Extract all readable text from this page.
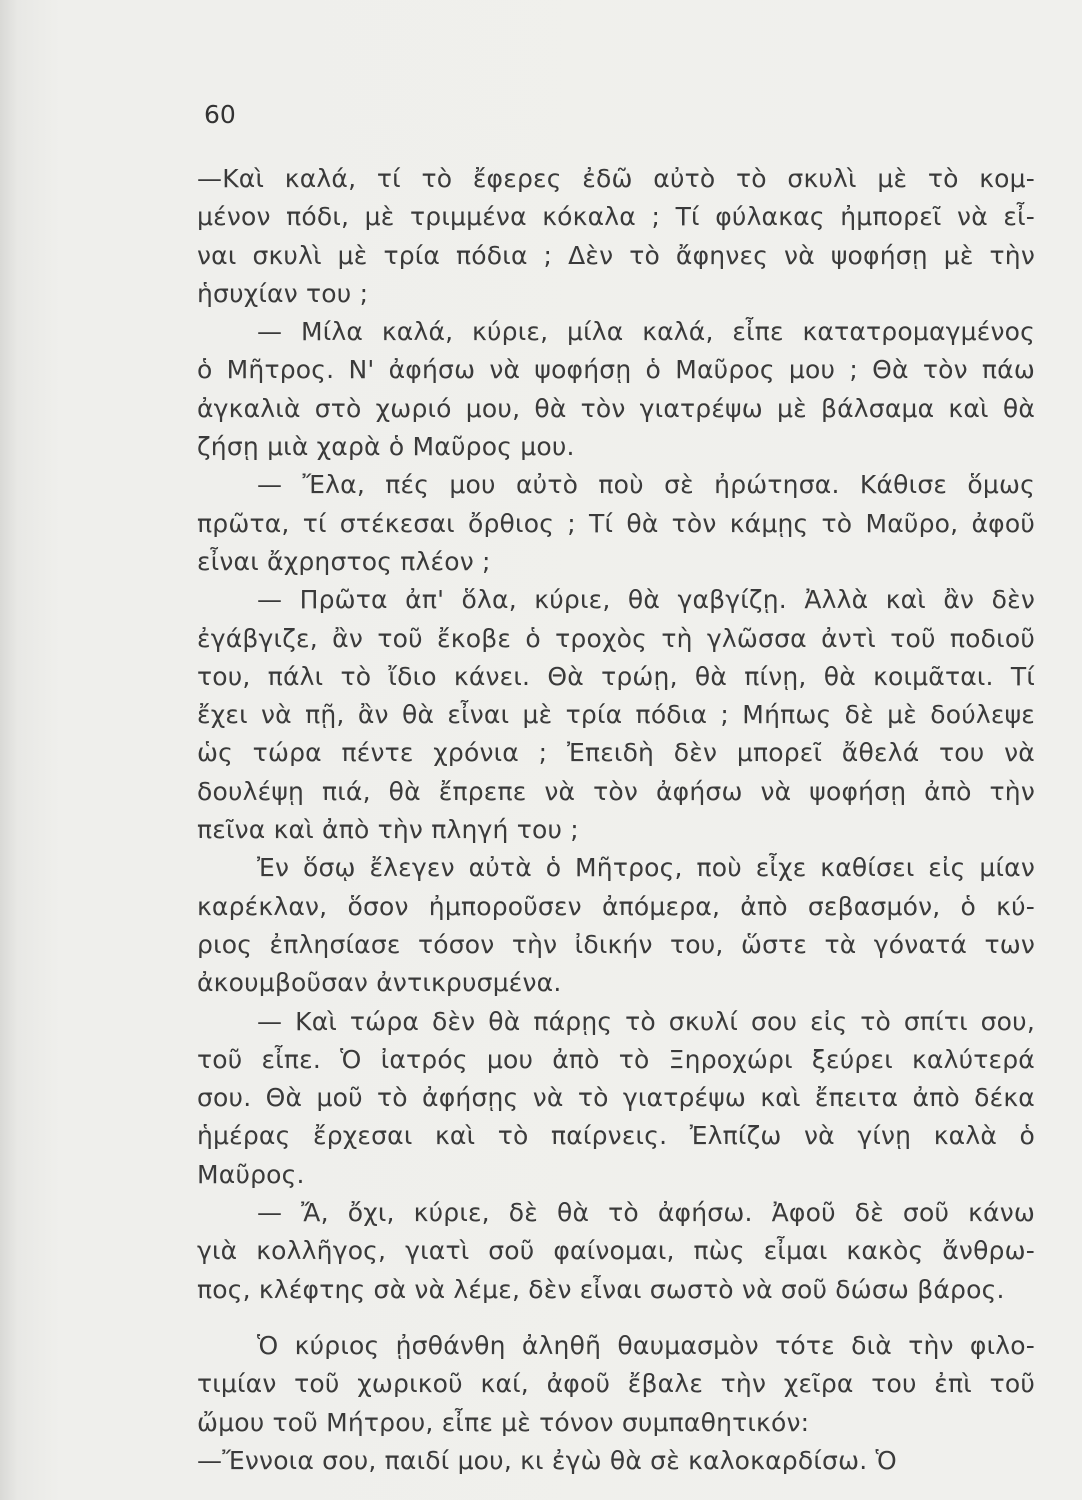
60
—Καὶ καλά, τί τὸ ἔφερες ἐδῶ αὐτὸ τὸ σκυλὶ μὲ τὸ κομ-
μένον πόδι, μὲ τριμμένα κόκαλα ; Τί φύλακας ἠμπορεῖ νὰ εἶ-
ναι σκυλὶ μὲ τρία πόδια ; Δὲν τὸ ἄφηνες νὰ ψοφήσῃ μὲ τὴν
ἡσυχίαν του ;
— Μίλα καλά, κύριε, μίλα καλά, εἶπε κατατρομαγμένος
ὁ Μῆτρος. Ν' ἀφήσω νὰ ψοφήσῃ ὁ Μαῦρος μου ; Θὰ τὸν πάω
ἀγκαλιὰ στὸ χωριό μου, θὰ τὸν γιατρέψω μὲ βάλσαμα καὶ θὰ
ζήσῃ μιὰ χαρὰ ὁ Μαῦρος μου.
— Ἔλα, πές μου αὐτὸ ποὺ σὲ ἠρώτησα. Κάθισε ὅμως
πρῶτα, τί στέκεσαι ὄρθιος ; Τί θὰ τὸν κάμῃς τὸ Μαῦρο, ἀφοῦ
εἶναι ἄχρηστος πλέον ;
— Πρῶτα ἀπ' ὅλα, κύριε, θὰ γαβγίζῃ. Ἀλλὰ καὶ ἂν δὲν
ἐγάβγιζε, ἂν τοῦ ἔκοβε ὁ τροχὸς τὴ γλῶσσα ἀντὶ τοῦ ποδιοῦ
του, πάλι τὸ ἴδιο κάνει. Θὰ τρώῃ, θὰ πίνῃ, θὰ κοιμᾶται. Τί
ἔχει νὰ πῇ, ἂν θὰ εἶναι μὲ τρία πόδια ; Μήπως δὲ μὲ δούλεψε
ὡς τώρα πέντε χρόνια ; Ἐπειδὴ δὲν μπορεῖ ἄθελά του νὰ
δουλέψῃ πιά, θὰ ἔπρεπε νὰ τὸν ἀφήσω νὰ ψοφήσῃ ἀπὸ τὴν
πεῖνα καὶ ἀπὸ τὴν πληγή του ;
Ἐν ὅσῳ ἔλεγεν αὐτὰ ὁ Μῆτρος, ποὺ εἶχε καθίσει εἰς μίαν
καρέκλαν, ὅσον ἠμποροῦσεν ἀπόμερα, ἀπὸ σεβασμόν, ὁ κύ-
ριος ἐπλησίασε τόσον τὴν ἰδικήν του, ὥστε τὰ γόνατά των
ἀκουμβοῦσαν ἀντικρυσμένα.
— Καὶ τώρα δὲν θὰ πάρῃς τὸ σκυλί σου εἰς τὸ σπίτι σου,
τοῦ εἶπε. Ὁ ἰατρός μου ἀπὸ τὸ Ξηροχώρι ξεύρει καλύτερά
σου. Θὰ μοῦ τὸ ἀφήσῃς νὰ τὸ γιατρέψω καὶ ἔπειτα ἀπὸ δέκα
ἡμέρας ἔρχεσαι καὶ τὸ παίρνεις. Ἐλπίζω νὰ γίνῃ καλὰ ὁ
Μαῦρος.
— Ἄ, ὄχι, κύριε, δὲ θὰ τὸ ἀφήσω. Ἀφοῦ δὲ σοῦ κάνω
γιὰ κολλῆγος, γιατὶ σοῦ φαίνομαι, πὼς εἶμαι κακὸς ἄνθρω-
πος, κλέφτης σὰ νὰ λέμε, δὲν εἶναι σωστὸ νὰ σοῦ δώσω βάρος.
Ὁ κύριος ᾐσθάνθη ἀληθῆ θαυμασμὸν τότε διὰ τὴν φιλο-
τιμίαν τοῦ χωρικοῦ καί, ἀφοῦ ἔβαλε τὴν χεῖρα του ἐπὶ τοῦ
ὤμου τοῦ Μήτρου, εἶπε μὲ τόνον συμπαθητικόν:
—Ἔννοια σου, παιδί μου, κι ἐγὼ θὰ σὲ καλοκαρδίσω. Ὁ
